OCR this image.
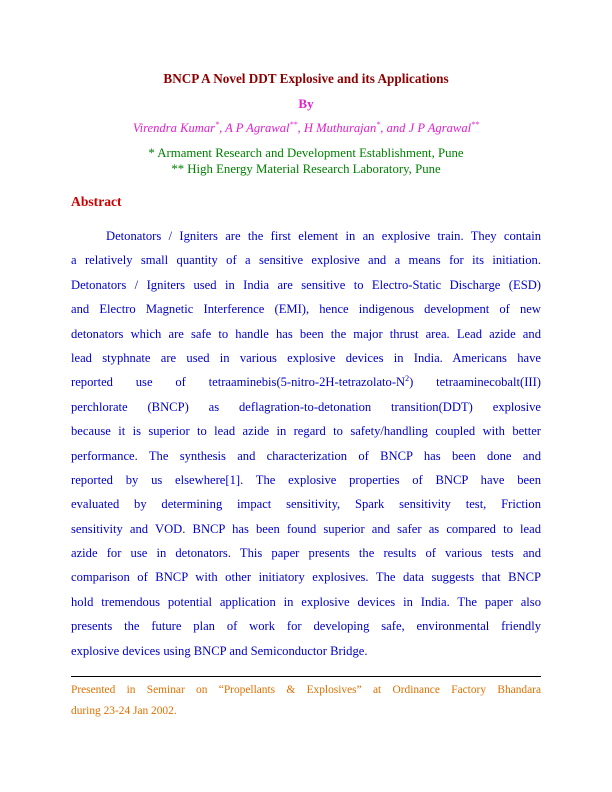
BNCP A Novel DDT Explosive and its Applications
By
Virendra Kumar*, A P Agrawal**, H Muthurajan*, and J P Agrawal**
* Armament Research and Development Establishment, Pune
** High Energy Material Research Laboratory, Pune
Abstract
Detonators / Igniters are the first element in an explosive train. They contain
a relatively small quantity of a sensitive explosive and a means for its initiation.
Detonators / Igniters used in India are sensitive to Electro-Static Discharge (ESD)
and Electro Magnetic Interference (EMI), hence indigenous development of new
detonators which are safe to handle has been the major thrust area. Lead azide and
lead styphnate are used in various explosive devices in India. Americans have
reported use of $tetraaminebis(5-nitro-2H-tetrazolato-N^2)$ tetraaminecobalt(III)
perchlorate (BNCP) as deflagration-to-detonation transition(DDT) explosive
because it is superior to lead azide in regard to safety/handling coupled with better
performance. The synthesis and characterization of BNCP has been done and
reported by us elsewhere[1]. The explosive properties of BNCP have been
evaluated by determining impact sensitivity, Spark sensitivity test, Friction
sensitivity and VOD. BNCP has been found superior and safer as compared to lead
azide for use in detonators. This paper presents the results of various tests and
comparison of BNCP with other initiatory explosives. The data suggests that BNCP
hold tremendous potential application in explosive devices in India. The paper also
presents the future plan of work for developing safe, environmental friendly
explosive devices using BNCP and Semiconductor Bridge.
Presented in Seminar on “Propellants & Explosives” at Ordinance Factory Bhandara
during 23-24 Jan 2002.
